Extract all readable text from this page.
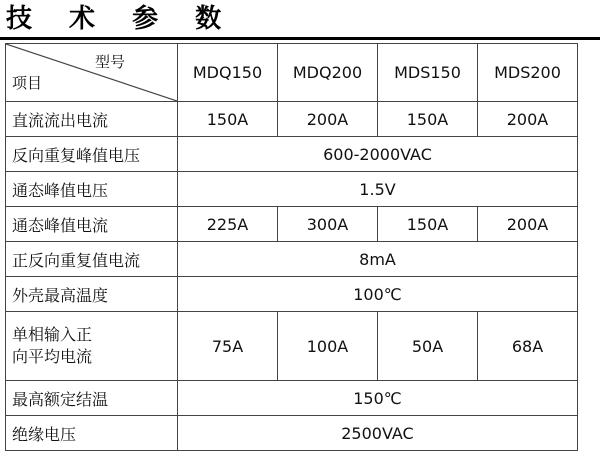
技 术 参 数
型号
项目	MDQ150	MDQ200	MDS150	MDS200
直流流出电流	150A	200A	150A	200A
反向重复峰值电压	600-2000VAC			
通态峰值电压	1.5V			
通态峰值电流	225A	300A	150A	200A
正反向重复值电流	8mA			
外壳最高温度	100℃			

单相输入正
向平均电流	75A	100A	50A	68A
最高额定结温	150℃			
绝缘电压	2500VAC			
